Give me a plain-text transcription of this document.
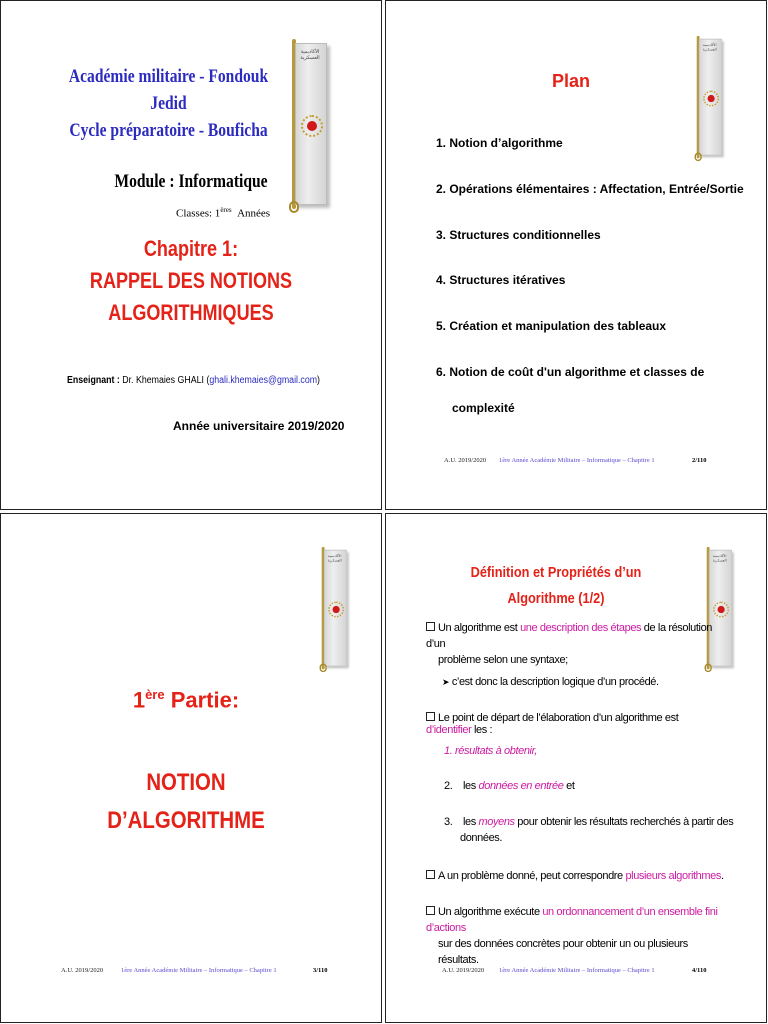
Académie militaire - Fondouk Jedid
Cycle préparatoire - Bouficha
الأكاديمية العسكرية
Module : Informatique
Classes: 1ères Années
Chapitre 1:
RAPPEL DES NOTIONS
ALGORITHMIQUES
Enseignant : Dr. Khemaies GHALI (ghali.khemaies@gmail.com)
Année universitaire 2019/2020
Plan
الأكاديمية العسكرية
1. Notion d’algorithme
2. Opérations élémentaires : Affectation, Entrée/Sortie
3. Structures conditionnelles
4. Structures itératives
5. Création et manipulation des tableaux
6. Notion de coût d'un algorithme et classes de
complexité
A.U. 2019/2020 1ère Année Académie Militaire – Informatique – Chapitre 1	2/110
الأكاديمية العسكرية
1ère Partie:
NOTION
D’ALGORITHME
A.U. 2019/2020	1ère Année Académie Militaire – Informatique – Chapitre 1	3/110
Définition et Propriétés d’un
Algorithme (1/2)
الأكاديمية العسكرية
Un algorithme est une description des étapes de la résolution d’un
problème selon une syntaxe;
➤ c’est donc la description logique d’un procédé.
Le point de départ de l’élaboration d’un algorithme est d’identifier les :
1. résultats à obtenir,
2. les données en entrée et
3. les moyens pour obtenir les résultats recherchés à partir des
données.
A un problème donné, peut correspondre plusieurs algorithmes.
Un algorithme exécute un ordonnancement d’un ensemble fini d’actions
sur des données concrètes pour obtenir un ou plusieurs résultats.
A.U. 2019/2020 1ère Année Académie Militaire – Informatique – Chapitre 1	4/110
